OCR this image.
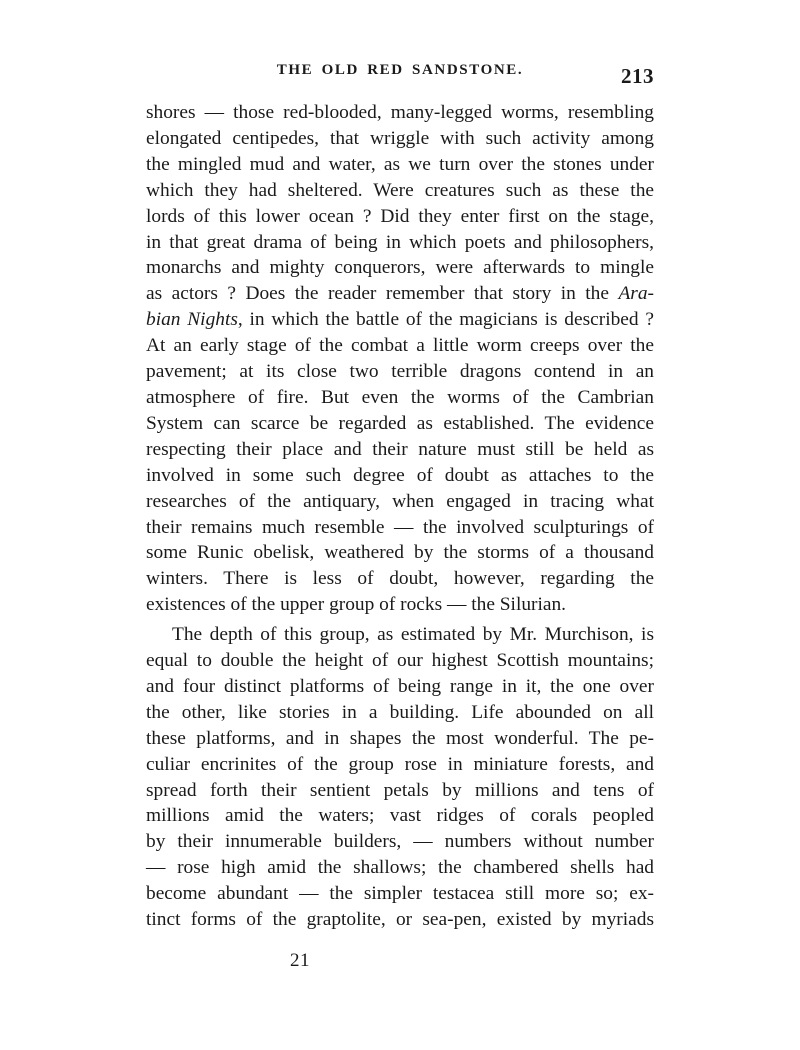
THE OLD RED SANDSTONE.	213
shores — those red-blooded, many-legged worms, resembling
elongated centipedes, that wriggle with such activity among
the mingled mud and water, as we turn over the stones under
which they had sheltered. Were creatures such as these the
lords of this lower ocean ? Did they enter first on the stage,
in that great drama of being in which poets and philosophers,
monarchs and mighty conquerors, were afterwards to mingle
as actors ? Does the reader remember that story in the Ara-
bian Nights, in which the battle of the magicians is described ?
At an early stage of the combat a little worm creeps over the
pavement; at its close two terrible dragons contend in an
atmosphere of fire. But even the worms of the Cambrian
System can scarce be regarded as established. The evidence
respecting their place and their nature must still be held as
involved in some such degree of doubt as attaches to the
researches of the antiquary, when engaged in tracing what
their remains much resemble — the involved sculpturings of
some Runic obelisk, weathered by the storms of a thousand
winters. There is less of doubt, however, regarding the
existences of the upper group of rocks — the Silurian.
The depth of this group, as estimated by Mr. Murchison, is
equal to double the height of our highest Scottish mountains;
and four distinct platforms of being range in it, the one over
the other, like stories in a building. Life abounded on all
these platforms, and in shapes the most wonderful. The pe-
culiar encrinites of the group rose in miniature forests, and
spread forth their sentient petals by millions and tens of
millions amid the waters; vast ridges of corals peopled
by their innumerable builders, — numbers without number
— rose high amid the shallows; the chambered shells had
become abundant — the simpler testacea still more so; ex-
tinct forms of the graptolite, or sea-pen, existed by myriads
21
